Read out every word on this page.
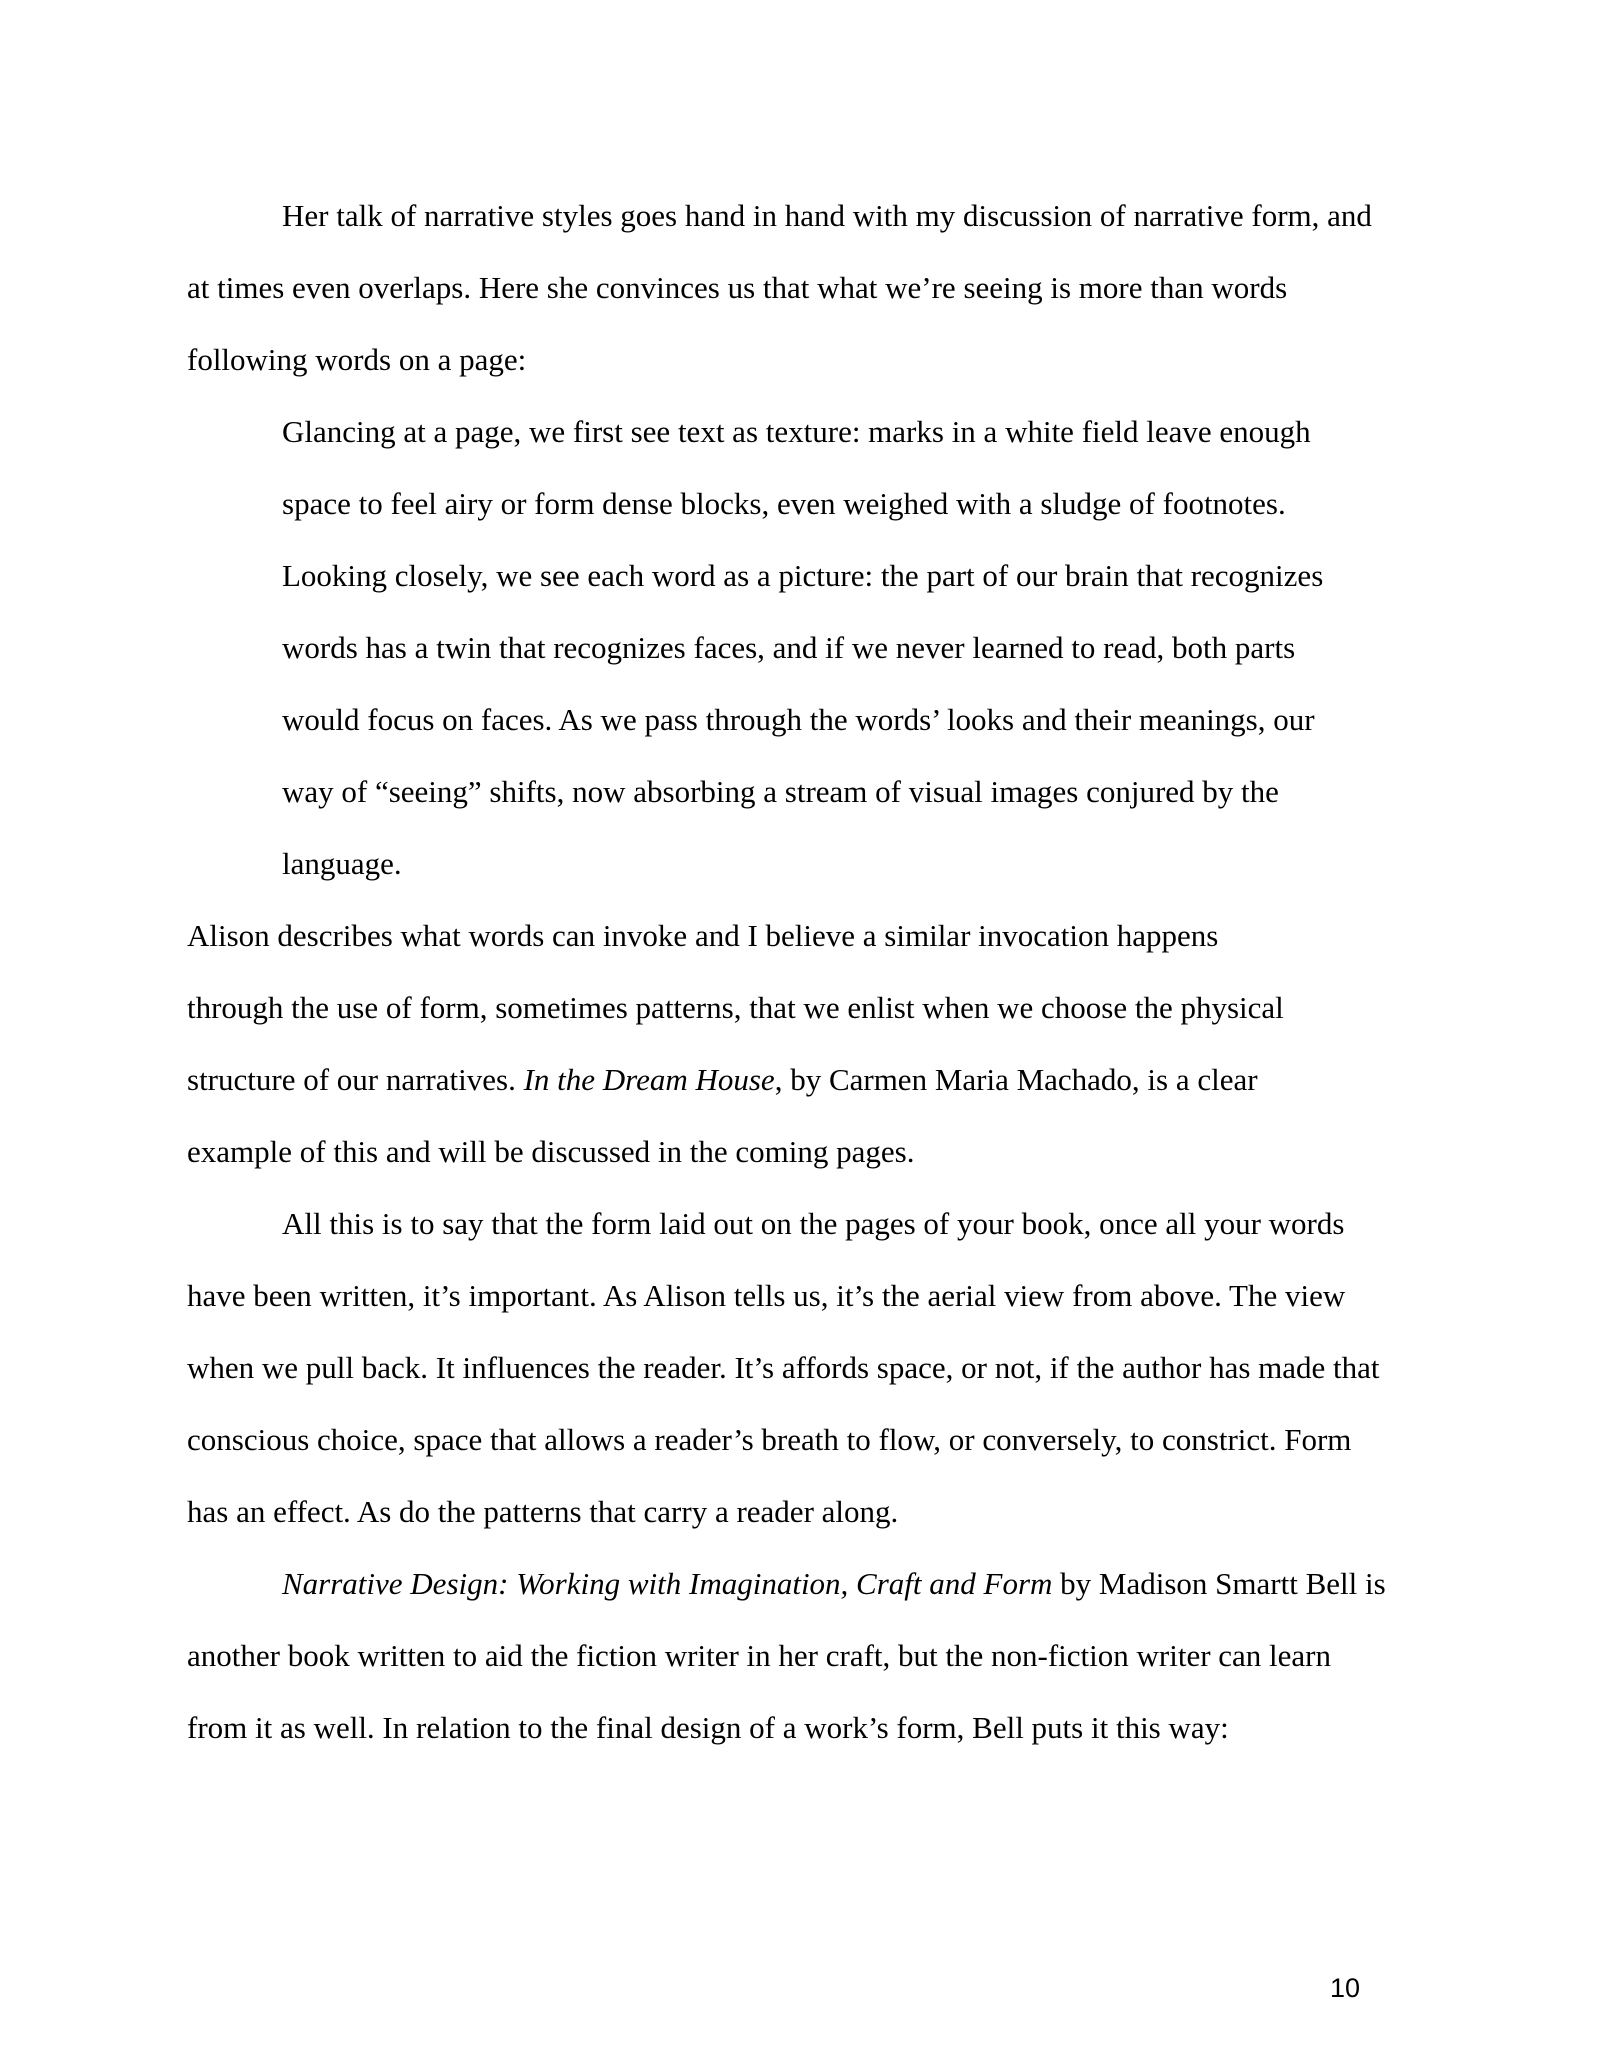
Her talk of narrative styles goes hand in hand with my discussion of narrative form, and
at times even overlaps. Here she convinces us that what we’re seeing is more than words
following words on a page:

Glancing at a page, we first see text as texture: marks in a white field leave enough
space to feel airy or form dense blocks, even weighed with a sludge of footnotes.
Looking closely, we see each word as a picture: the part of our brain that recognizes
words has a twin that recognizes faces, and if we never learned to read, both parts
would focus on faces. As we pass through the words’ looks and their meanings, our
way of “seeing” shifts, now absorbing a stream of visual images conjured by the
language.

Alison describes what words can invoke and I believe a similar invocation happens
through the use of form, sometimes patterns, that we enlist when we choose the physical
structure of our narratives. In the Dream House, by Carmen Maria Machado, is a clear
example of this and will be discussed in the coming pages.

All this is to say that the form laid out on the pages of your book, once all your words
have been written, it’s important. As Alison tells us, it’s the aerial view from above. The view
when we pull back. It influences the reader. It’s affords space, or not, if the author has made that
conscious choice, space that allows a reader’s breath to flow, or conversely, to constrict. Form
has an effect. As do the patterns that carry a reader along.

Narrative Design: Working with Imagination, Craft and Form by Madison Smartt Bell is
another book written to aid the fiction writer in her craft, but the non-fiction writer can learn
from it as well. In relation to the final design of a work’s form, Bell puts it this way:

10
